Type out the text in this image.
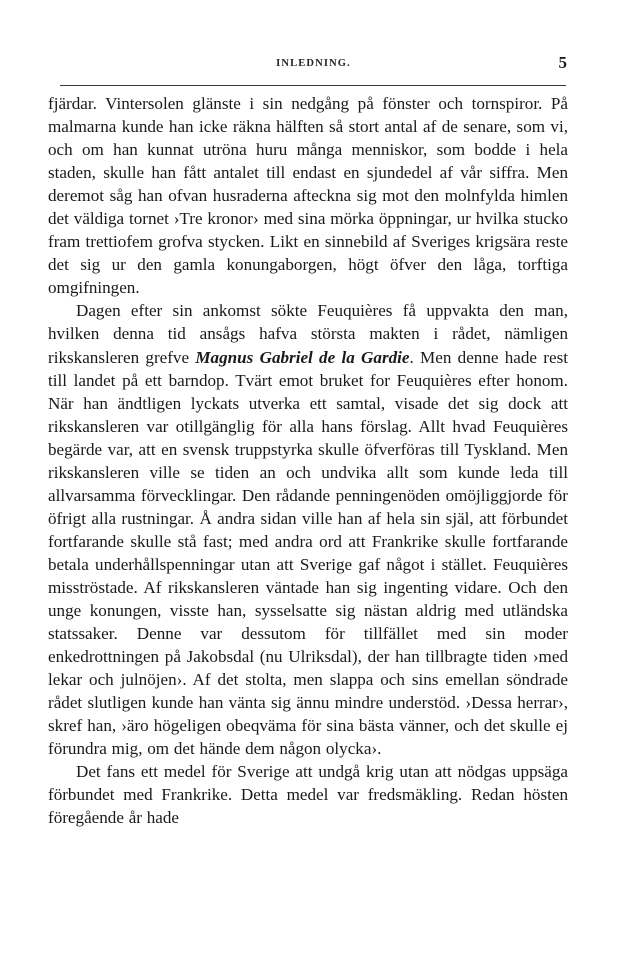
INLEDNING.	5

fjärdar. Vintersolen glänste i sin nedgång på fönster och tornspiror. På malmarna kunde han icke räkna hälften så stort antal af de senare, som vi, och om han kunnat utröna huru många menniskor, som bodde i hela staden, skulle han fått antalet till endast en sjundedel af vår siffra. Men deremot såg han ofvan husraderna afteckna sig mot den molnfylda himlen det väldiga tornet ›Tre kronor› med sina mörka öppningar, ur hvilka stucko fram trettiofem grofva stycken. Likt en sinnebild af Sveriges krigsära reste det sig ur den gamla konungaborgen, högt öfver den låga, torftiga omgifningen.

Dagen efter sin ankomst sökte Feuquières få uppvakta den man, hvilken denna tid ansågs hafva största makten i rådet, nämligen rikskansleren grefve Magnus Gabriel de la Gardie. Men denne hade rest till landet på ett barndop. Tvärt emot bruket for Feuquières efter honom. När han ändtligen lyckats utverka ett samtal, visade det sig dock att rikskansleren var otillgänglig för alla hans förslag. Allt hvad Feuquières begärde var, att en svensk truppstyrka skulle öfverföras till Tyskland. Men rikskansleren ville se tiden an och undvika allt som kunde leda till allvarsamma förvecklingar. Den rådande penningenöden omöjliggjorde för öfrigt alla rustningar. Å andra sidan ville han af hela sin själ, att förbundet fortfarande skulle stå fast; med andra ord att Frankrike skulle fortfarande betala underhållspenningar utan att Sverige gaf något i stället. Feuquières misströstade. Af rikskansleren väntade han sig ingenting vidare. Och den unge konungen, visste han, sysselsatte sig nästan aldrig med utländska statssaker. Denne var dessutom för tillfället med sin moder enkedrottningen på Jakobsdal (nu Ulriksdal), der han tillbragte tiden ›med lekar och julnöjen›. Af det stolta, men slappa och sins emellan söndrade rådet slutligen kunde han vänta sig ännu mindre understöd. ›Dessa herrar›, skref han, ›äro högeligen obeqväma för sina bästa vänner, och det skulle ej förundra mig, om det hände dem någon olycka›.

Det fans ett medel för Sverige att undgå krig utan att nödgas uppsäga förbundet med Frankrike. Detta medel var fredsmäkling. Redan hösten föregående år hade
